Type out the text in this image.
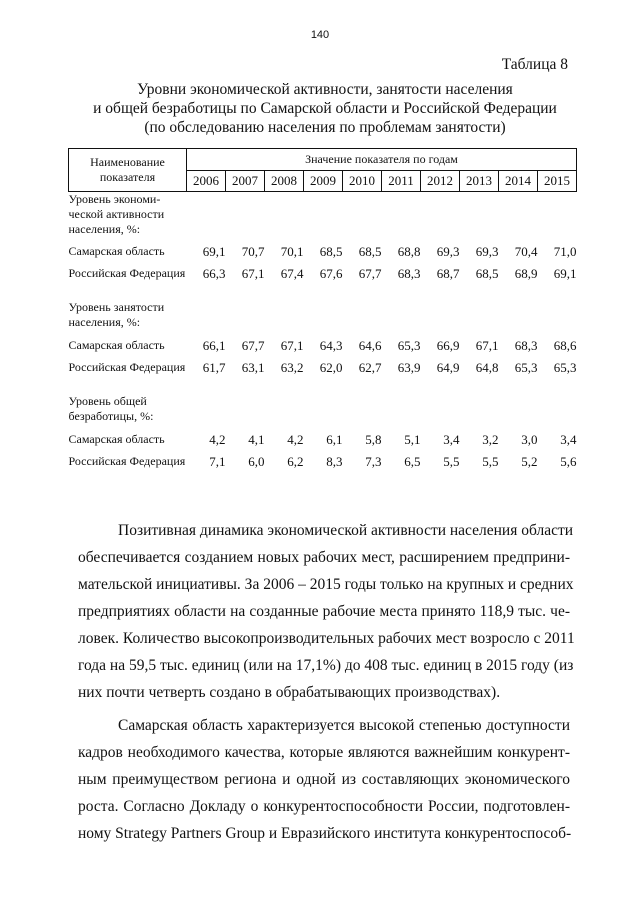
140
Таблица 8
Уровни экономической активности, занятости населения
и общей безработицы по Самарской области и Российской Федерации
(по обследованию населения по проблемам занятости)
Наименование показателя	Значение показателя по годам									
	2006	2007	2008	2009	2010	2011	2012	2013	2014	2015
Уровень экономи-ческой активности населения, %:										
Самарская область	69,1	70,7	70,1	68,5	68,5	68,8	69,3	69,3	70,4	71,0
Российская Федерация	66,3	67,1	67,4	67,6	67,7	68,3	68,7	68,5	68,9	69,1
Уровень занятости населения, %:										
Самарская область	66,1	67,7	67,1	64,3	64,6	65,3	66,9	67,1	68,3	68,6
Российская Федерация	61,7	63,1	63,2	62,0	62,7	63,9	64,9	64,8	65,3	65,3
Уровень общей безработицы, %:										
Самарская область	4,2	4,1	4,2	6,1	5,8	5,1	3,4	3,2	3,0	3,4
Российская Федерация	7,1	6,0	6,2	8,3	7,3	6,5	5,5	5,5	5,2	5,6
Позитивная динамика экономической активности населения области
обеспечивается созданием новых рабочих мест, расширением предприни-
мательской инициативы. За 2006 – 2015 годы только на крупных и средних
предприятиях области на созданные рабочие места принято 118,9 тыс. че-
ловек. Количество высокопроизводительных рабочих мест возросло с 2011
года на 59,5 тыс. единиц (или на 17,1%) до 408 тыс. единиц в 2015 году (из
них почти четверть создано в обрабатывающих производствах).
Самарская область характеризуется высокой степенью доступности
кадров необходимого качества, которые являются важнейшим конкурент-
ным преимуществом региона и одной из составляющих экономического
роста. Согласно Докладу о конкурентоспособности России, подготовлен-
ному Strategy Partners Group и Евразийского института конкурентоспособ-
